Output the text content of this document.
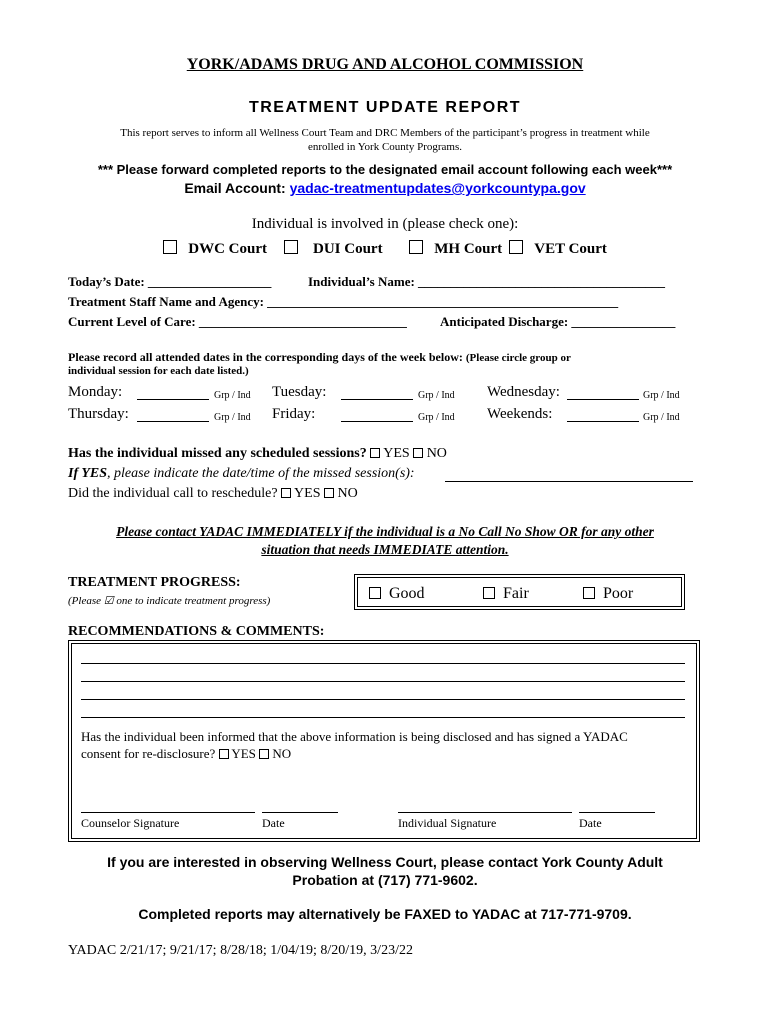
YORK/ADAMS DRUG AND ALCOHOL COMMISSION
TREATMENT UPDATE REPORT
This report serves to inform all Wellness Court Team and DRC Members of the participant’s progress in treatment while
enrolled in York County Programs.
*** Please forward completed reports to the designated email account following each week***
Email Account: yadac-treatmentupdates@yorkcountypa.gov
Individual is involved in (please check one):
DWC Court	DUI Court	MH Court	VET Court
Today’s Date: ___________________	Individual’s Name: ______________________________________
Treatment Staff Name and Agency: ______________________________________________________
Current Level of Care: ________________________________	Anticipated Discharge: ________________
Please record all attended dates in the corresponding days of the week below: (Please circle group or
individual session for each date listed.)
Monday:	Grp / Ind Tuesday:	Grp / Ind Wednesday:	Grp / Ind
Thursday:	Grp / Ind Friday:	Grp / Ind Weekends:	Grp / Ind
Has the individual missed any scheduled sessions? YES NO
If YES, please indicate the date/time of the missed session(s):
Did the individual call to reschedule? YES NO
Please contact YADAC IMMEDIATELY if the individual is a No Call No Show OR for any other
situation that needs IMMEDIATE attention.
TREATMENT PROGRESS:
(Please ☑ one to indicate treatment progress)	Good	Fair	Poor
RECOMMENDATIONS & COMMENTS:
Has the individual been informed that the above information is being disclosed and has signed a YADAC
consent for re-disclosure? YES NO
Counselor Signature	Date	Individual Signature	Date
If you are interested in observing Wellness Court, please contact York County Adult
Probation at (717) 771-9602.
Completed reports may alternatively be FAXED to YADAC at 717-771-9709.
YADAC 2/21/17; 9/21/17; 8/28/18; 1/04/19; 8/20/19, 3/23/22
